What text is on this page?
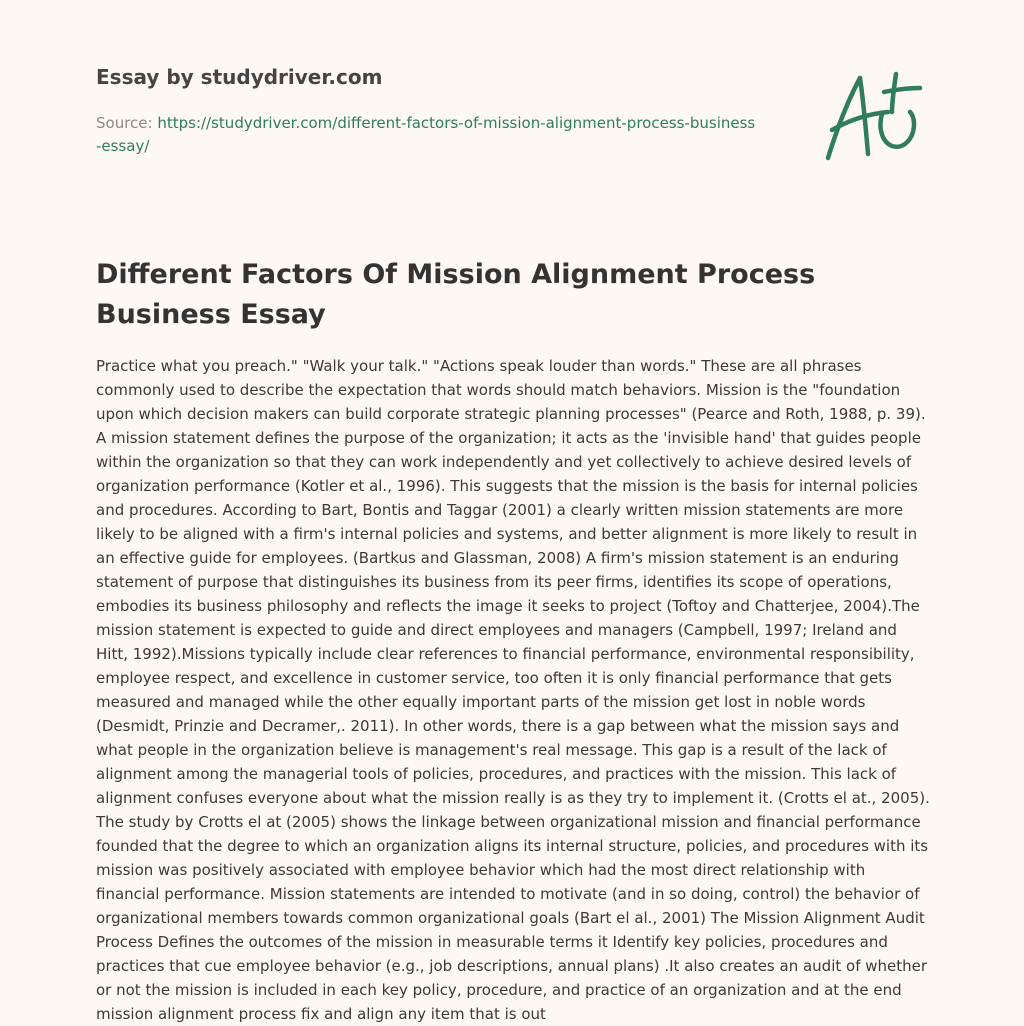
Essay by studydriver.com
Source: https://studydriver.com/different-factors-of-mission-alignment-process-business-essay/
Different Factors Of Mission Alignment Process Business Essay

Practice what you preach." "Walk your talk." "Actions speak louder than words." These are all phrases commonly used to describe the expectation that words should match behaviors. Mission is the "foundation upon which decision makers can build corporate strategic planning processes" (Pearce and Roth, 1988, p. 39). A mission statement defines the purpose of the organization; it acts as the 'invisible hand' that guides people within the organization so that they can work independently and yet collectively to achieve desired levels of organization performance (Kotler et al., 1996). This suggests that the mission is the basis for internal policies and procedures. According to Bart, Bontis and Taggar (2001) a clearly written mission statements are more likely to be aligned with a firm's internal policies and systems, and better alignment is more likely to result in an effective guide for employees. (Bartkus and Glassman, 2008) A firm's mission statement is an enduring statement of purpose that distinguishes its business from its peer firms, identifies its scope of operations, embodies its business philosophy and reflects the image it seeks to project (Toftoy and Chatterjee, 2004).The mission statement is expected to guide and direct employees and managers (Campbell, 1997; Ireland and Hitt, 1992).Missions typically include clear references to financial performance, environmental responsibility, employee respect, and excellence in customer service, too often it is only financial performance that gets measured and managed while the other equally important parts of the mission get lost in noble words (Desmidt, Prinzie and Decramer,. 2011). In other words, there is a gap between what the mission says and what people in the organization believe is management's real message. This gap is a result of the lack of alignment among the managerial tools of policies, procedures, and practices with the mission. This lack of alignment confuses everyone about what the mission really is as they try to implement it. (Crotts el at., 2005). The study by Crotts el at (2005) shows the linkage between organizational mission and financial performance founded that the degree to which an organization aligns its internal structure, policies, and procedures with its mission was positively associated with employee behavior which had the most direct relationship with financial performance. Mission statements are intended to motivate (and in so doing, control) the behavior of organizational members towards common organizational goals (Bart el al., 2001) The Mission Alignment Audit Process Defines the outcomes of the mission in measurable terms it Identify key policies, procedures and practices that cue employee behavior (e.g., job descriptions, annual plans) .It also creates an audit of whether or not the mission is included in each key policy, procedure, and practice of an organization and at the end mission alignment process fix and align any item that is out
